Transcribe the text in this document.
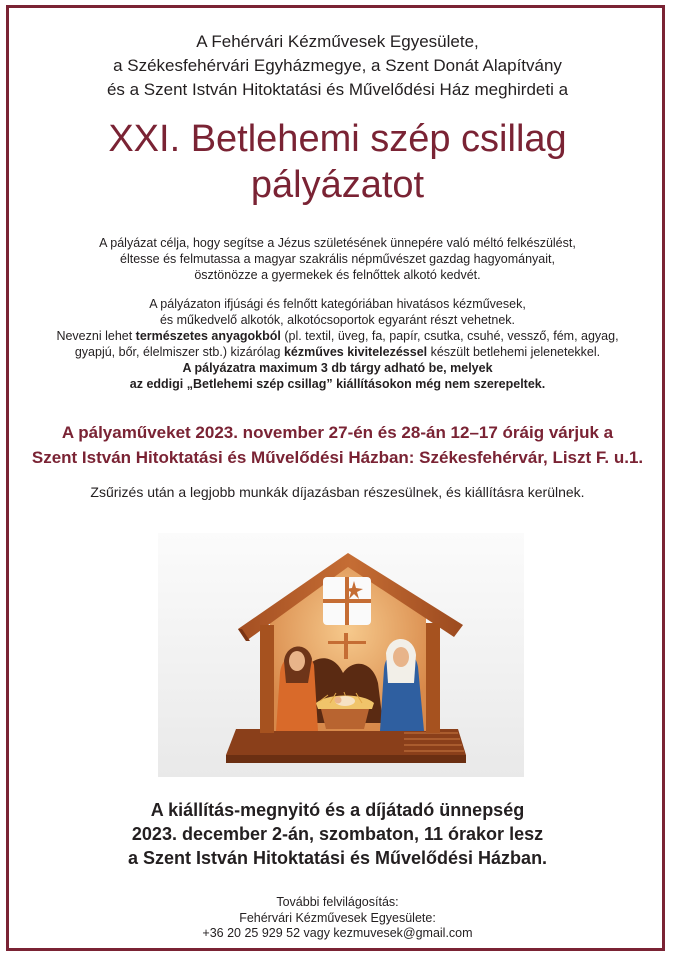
A Fehérvári Kézművesek Egyesülete,
a Székesfehérvári Egyházmegye, a Szent Donát Alapítvány
és a Szent István Hitoktatási és Művelődési Ház meghirdeti a
XXI. Betlehemi szép csillag
pályázatot
A pályázat célja, hogy segítse a Jézus születésének ünnepére való méltó felkészülést,
éltesse és felmutassa a magyar szakrális népművészet gazdag hagyományait,
ösztönözze a gyermekek és felnőttek alkotó kedvét.
A pályázaton ifjúsági és felnőtt kategóriában hivatásos kézművesek,
és műkedvelő alkotók, alkotócsoportok egyaránt részt vehetnek.
Nevezni lehet természetes anyagokból (pl. textil, üveg, fa, papír, csutka, csuhé, vessző, fém, agyag,
gyapjú, bőr, élelmiszer stb.) kizárólag kézműves kivitelezéssel készült betlehemi jelenetekkel.
A pályázatra maximum 3 db tárgy adható be, melyek
az eddigi „Betlehemi szép csillag” kiállításokon még nem szerepeltek.
A pályaműveket 2023. november 27-én és 28-án 12–17 óráig várjuk a
Szent István Hitoktatási és Művelődési Házban: Székesfehérvár, Liszt F. u.1.
Zsűrizés után a legjobb munkák díjazásban részesülnek, és kiállításra kerülnek.
A kiállítás-megnyitó és a díjátadó ünnepség
2023. december 2-án, szombaton, 11 órakor lesz
a Szent István Hitoktatási és Művelődési Házban.
További felvilágosítás:
Fehérvári Kézművesek Egyesülete:
+36 20 25 929 52 vagy kezmuvesek@gmail.com
